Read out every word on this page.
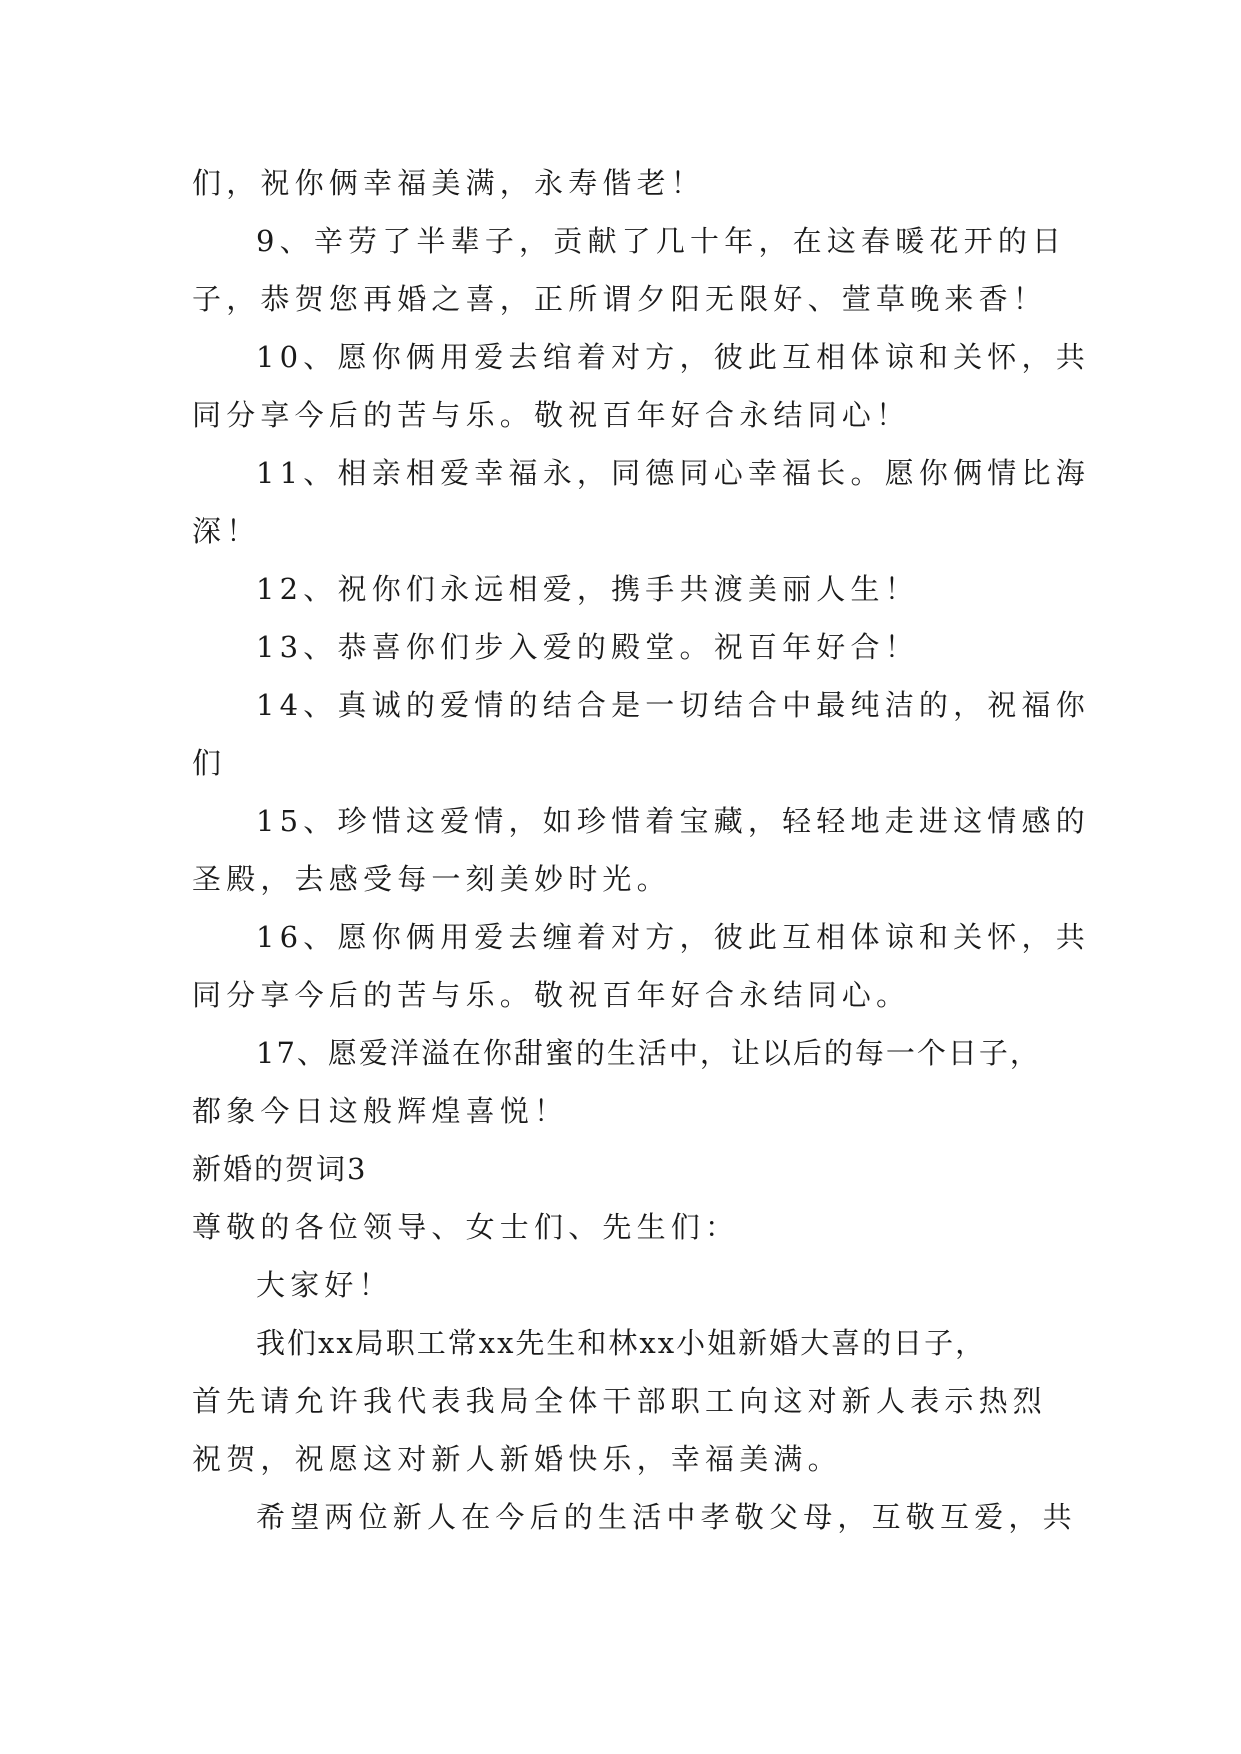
们，祝你俩幸福美满，永寿偕老！

9、辛劳了半辈子，贡献了几十年，在这春暖花开的日

子，恭贺您再婚之喜，正所谓夕阳无限好、萱草晚来香！

10、愿你俩用爱去绾着对方，彼此互相体谅和关怀，共

同分享今后的苦与乐。敬祝百年好合永结同心！

11、相亲相爱幸福永，同德同心幸福长。愿你俩情比海

深！

12、祝你们永远相爱，携手共渡美丽人生！

13、恭喜你们步入爱的殿堂。祝百年好合！

14、真诚的爱情的结合是一切结合中最纯洁的，祝福你

们

15、珍惜这爱情，如珍惜着宝藏，轻轻地走进这情感的

圣殿，去感受每一刻美妙时光。

16、愿你俩用爱去缠着对方，彼此互相体谅和关怀，共

同分享今后的苦与乐。敬祝百年好合永结同心。

17、愿爱洋溢在你甜蜜的生活中，让以后的每一个日子，

都象今日这般辉煌喜悦！

新婚的贺词3

尊敬的各位领导、女士们、先生们：

大家好！

我们xx局职工常xx先生和林xx小姐新婚大喜的日子，

首先请允许我代表我局全体干部职工向这对新人表示热烈

祝贺，祝愿这对新人新婚快乐，幸福美满。

希望两位新人在今后的生活中孝敬父母，互敬互爱，共
